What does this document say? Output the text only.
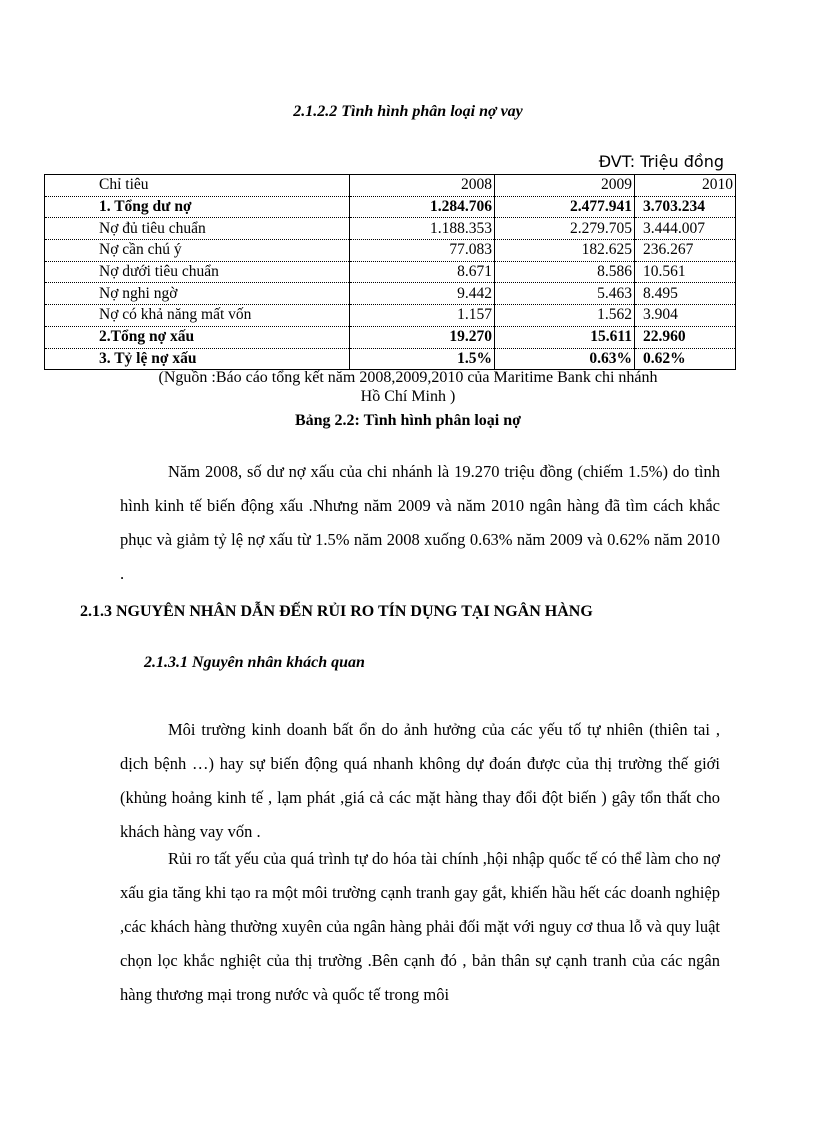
2.1.2.2 Tình hình phân loại nợ vay
ĐVT: Triệu đồng
Chỉ tiêu	2008	2009	2010
1. Tổng dư nợ	1.284.706	2.477.941	3.703.234
Nợ đủ tiêu chuẩn	1.188.353	2.279.705	3.444.007
Nợ cần chú ý	77.083	182.625	236.267
Nợ dưới tiêu chuẩn	8.671	8.586	10.561
Nợ nghi ngờ	9.442	5.463	8.495
Nợ có khả năng mất vốn	1.157	1.562	3.904
2.Tổng nợ xấu	19.270	15.611	22.960
3. Tỷ lệ nợ xấu	1.5%	0.63%	0.62%
(Nguồn :Báo cáo tổng kết năm 2008,2009,2010 của Maritime Bank chi nhánh
Hồ Chí Minh )
Bảng 2.2: Tình hình phân loại nợ

Năm 2008, số dư nợ xấu của chi nhánh là 19.270 triệu đồng (chiếm 1.5%) do tình hình kinh tế biến động xấu .Nhưng năm 2009 và năm 2010 ngân hàng đã tìm cách khắc phục và giảm tỷ lệ nợ xấu từ 1.5% năm 2008 xuống 0.63% năm 2009 và 0.62% năm 2010 .

2.1.3 NGUYÊN NHÂN DẪN ĐẾN RỦI RO TÍN DỤNG TẠI NGÂN HÀNG
2.1.3.1 Nguyên nhân khách quan

Môi trường kinh doanh bất ổn do ảnh hưởng của các yếu tố tự nhiên (thiên tai , dịch bệnh …) hay sự biến động quá nhanh không dự đoán được của thị trường thế giới (khủng hoảng kinh tế , lạm phát ,giá cả các mặt hàng thay đổi đột biến ) gây tổn thất cho khách hàng vay vốn .

Rủi ro tất yếu của quá trình tự do hóa tài chính ,hội nhập quốc tế có thể làm cho nợ xấu gia tăng khi tạo ra một môi trường cạnh tranh gay gắt, khiến hầu hết các doanh nghiệp ,các khách hàng thường xuyên của ngân hàng phải đối mặt với nguy cơ thua lỗ và quy luật chọn lọc khắc nghiệt của thị trường .Bên cạnh đó , bản thân sự cạnh tranh của các ngân hàng thương mại trong nước và quốc tế trong môi
